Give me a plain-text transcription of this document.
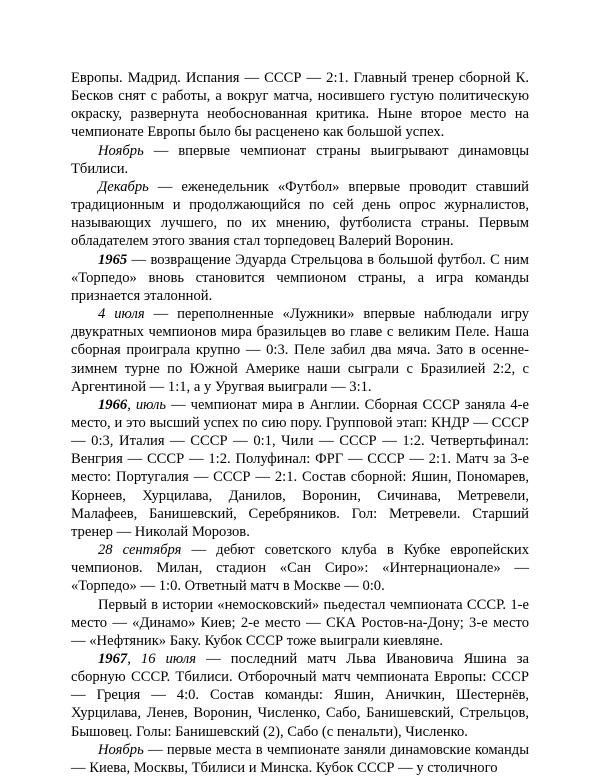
Европы. Мадрид. Испания — СССР — 2:1. Главный тренер сборной К. Бесков снят с работы, а вокруг матча, носившего густую политическую окраску, развернута необоснованная критика. Ныне второе место на чемпионате Европы было бы расценено как большой успех.

Ноябрь — впервые чемпионат страны выигрывают динамовцы Тбилиси.

Декабрь — еженедельник «Футбол» впервые проводит ставший традиционным и продолжающийся по сей день опрос журналистов, называющих лучшего, по их мнению, футболиста страны. Первым обладателем этого звания стал торпедовец Валерий Воронин.

1965 — возвращение Эдуарда Стрельцова в большой футбол. С ним «Торпедо» вновь становится чемпионом страны, а игра команды признается эталонной.

4 июля — переполненные «Лужники» впервые наблюдали игру двукратных чемпионов мира бразильцев во главе с великим Пеле. Наша сборная проиграла крупно — 0:3. Пеле забил два мяча. Зато в осенне-зимнем турне по Южной Америке наши сыграли с Бразилией 2:2, с Аргентиной — 1:1, а у Уругвая выиграли — 3:1.

1966, июль — чемпионат мира в Англии. Сборная СССР заняла 4-е место, и это высший успех по сию пору. Групповой этап: КНДР — СССР — 0:3, Италия — СССР — 0:1, Чили — СССР — 1:2. Четвертьфинал: Венгрия — СССР — 1:2. Полуфинал: ФРГ — СССР — 2:1. Матч за 3-е место: Португалия — СССР — 2:1. Состав сборной: Яшин, Пономарев, Корнеев, Хурцилава, Данилов, Воронин, Сичинава, Метревели, Малафеев, Банишевский, Серебряников. Гол: Метревели. Старший тренер — Николай Морозов.

28 сентября — дебют советского клуба в Кубке европейских чемпионов. Милан, стадион «Сан Сиро»: «Интернационале» — «Торпедо» — 1:0. Ответный матч в Москве — 0:0.

Первый в истории «немосковский» пьедестал чемпионата СССР. 1-е место — «Динамо» Киев; 2-е место — СКА Ростов-на-Дону; 3-е место — «Нефтяник» Баку. Кубок СССР тоже выиграли киевляне.

1967, 16 июля — последний матч Льва Ивановича Яшина за сборную СССР. Тбилиси. Отборочный матч чемпионата Европы: СССР — Греция — 4:0. Состав команды: Яшин, Аничкин, Шестернёв, Хурцилава, Ленев, Воронин, Численко, Сабо, Банишевский, Стрельцов, Бышовец. Голы: Банишевский (2), Сабо (с пенальти), Численко.

Ноябрь — первые места в чемпионате заняли динамовские команды — Киева, Москвы, Тбилиси и Минска. Кубок СССР — у столичного
